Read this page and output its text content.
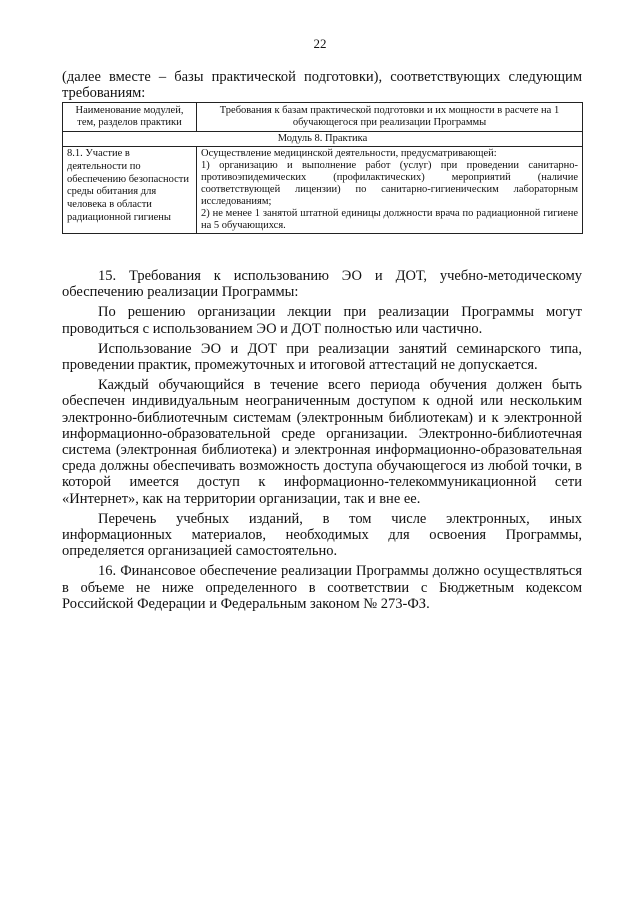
22
(далее вместе – базы практической подготовки), соответствующих следующим требованиям:
Наименование модулей, тем, разделов практики	Требования к базам практической подготовки и их мощности в расчете на 1 обучающегося при реализации Программы
Модуль 8. Практика	
8.1. Участие в деятельности по обеспечению безопасности среды обитания для человека в области радиационной гигиены	Осуществление медицинской деятельности, предусматривающей:
1) организацию и выполнение работ (услуг) при проведении санитарно-противоэпидемических (профилактических) мероприятий (наличие соответствующей лицензии) по санитарно-гигиеническим лабораторным исследованиям;
2) не менее 1 занятой штатной единицы должности врача по радиационной гигиене на 5 обучающихся.

15. Требования к использованию ЭО и ДОТ, учебно-методическому обеспечению реализации Программы:

По решению организации лекции при реализации Программы могут проводиться с использованием ЭО и ДОТ полностью или частично.

Использование ЭО и ДОТ при реализации занятий семинарского типа, проведении практик, промежуточных и итоговой аттестаций не допускается.

Каждый обучающийся в течение всего периода обучения должен быть обеспечен индивидуальным неограниченным доступом к одной или нескольким электронно-библиотечным системам (электронным библиотекам) и к электронной информационно-образовательной среде организации. Электронно-библиотечная система (электронная библиотека) и электронная информационно-образовательная среда должны обеспечивать возможность доступа обучающегося из любой точки, в которой имеется доступ к информационно-телекоммуникационной сети «Интернет», как на территории организации, так и вне ее.

Перечень учебных изданий, в том числе электронных, иных информационных материалов, необходимых для освоения Программы, определяется организацией самостоятельно.

16. Финансовое обеспечение реализации Программы должно осуществляться в объеме не ниже определенного в соответствии с Бюджетным кодексом Российской Федерации и Федеральным законом № 273-ФЗ.
